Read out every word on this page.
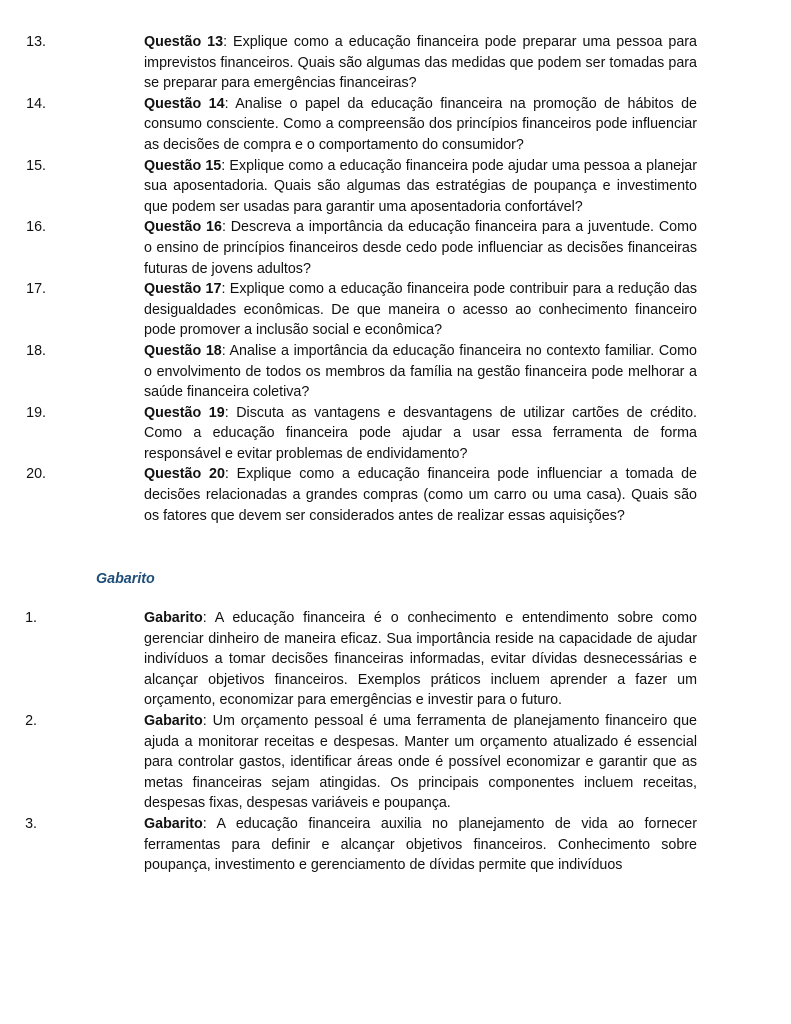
13.	Questão 13: Explique como a educação financeira pode preparar uma pessoa para imprevistos financeiros. Quais são algumas das medidas que podem ser tomadas para se preparar para emergências financeiras?
14.	Questão 14: Analise o papel da educação financeira na promoção de hábitos de consumo consciente. Como a compreensão dos princípios financeiros pode influenciar as decisões de compra e o comportamento do consumidor?
15.	Questão 15: Explique como a educação financeira pode ajudar uma pessoa a planejar sua aposentadoria. Quais são algumas das estratégias de poupança e investimento que podem ser usadas para garantir uma aposentadoria confortável?
16.	Questão 16: Descreva a importância da educação financeira para a juventude. Como o ensino de princípios financeiros desde cedo pode influenciar as decisões financeiras futuras de jovens adultos?
17.	Questão 17: Explique como a educação financeira pode contribuir para a redução das desigualdades econômicas. De que maneira o acesso ao conhecimento financeiro pode promover a inclusão social e econômica?
18.	Questão 18: Analise a importância da educação financeira no contexto familiar. Como o envolvimento de todos os membros da família na gestão financeira pode melhorar a saúde financeira coletiva?
19.	Questão 19: Discuta as vantagens e desvantagens de utilizar cartões de crédito. Como a educação financeira pode ajudar a usar essa ferramenta de forma responsável e evitar problemas de endividamento?
20.	Questão 20: Explique como a educação financeira pode influenciar a tomada de decisões relacionadas a grandes compras (como um carro ou uma casa). Quais são os fatores que devem ser considerados antes de realizar essas aquisições?
Gabarito
1.	Gabarito: A educação financeira é o conhecimento e entendimento sobre como gerenciar dinheiro de maneira eficaz. Sua importância reside na capacidade de ajudar indivíduos a tomar decisões financeiras informadas, evitar dívidas desnecessárias e alcançar objetivos financeiros. Exemplos práticos incluem aprender a fazer um orçamento, economizar para emergências e investir para o futuro.
2.	Gabarito: Um orçamento pessoal é uma ferramenta de planejamento financeiro que ajuda a monitorar receitas e despesas. Manter um orçamento atualizado é essencial para controlar gastos, identificar áreas onde é possível economizar e garantir que as metas financeiras sejam atingidas. Os principais componentes incluem receitas, despesas fixas, despesas variáveis e poupança.
3.	Gabarito: A educação financeira auxilia no planejamento de vida ao fornecer ferramentas para definir e alcançar objetivos financeiros. Conhecimento sobre poupança, investimento e gerenciamento de dívidas permite que indivíduos
